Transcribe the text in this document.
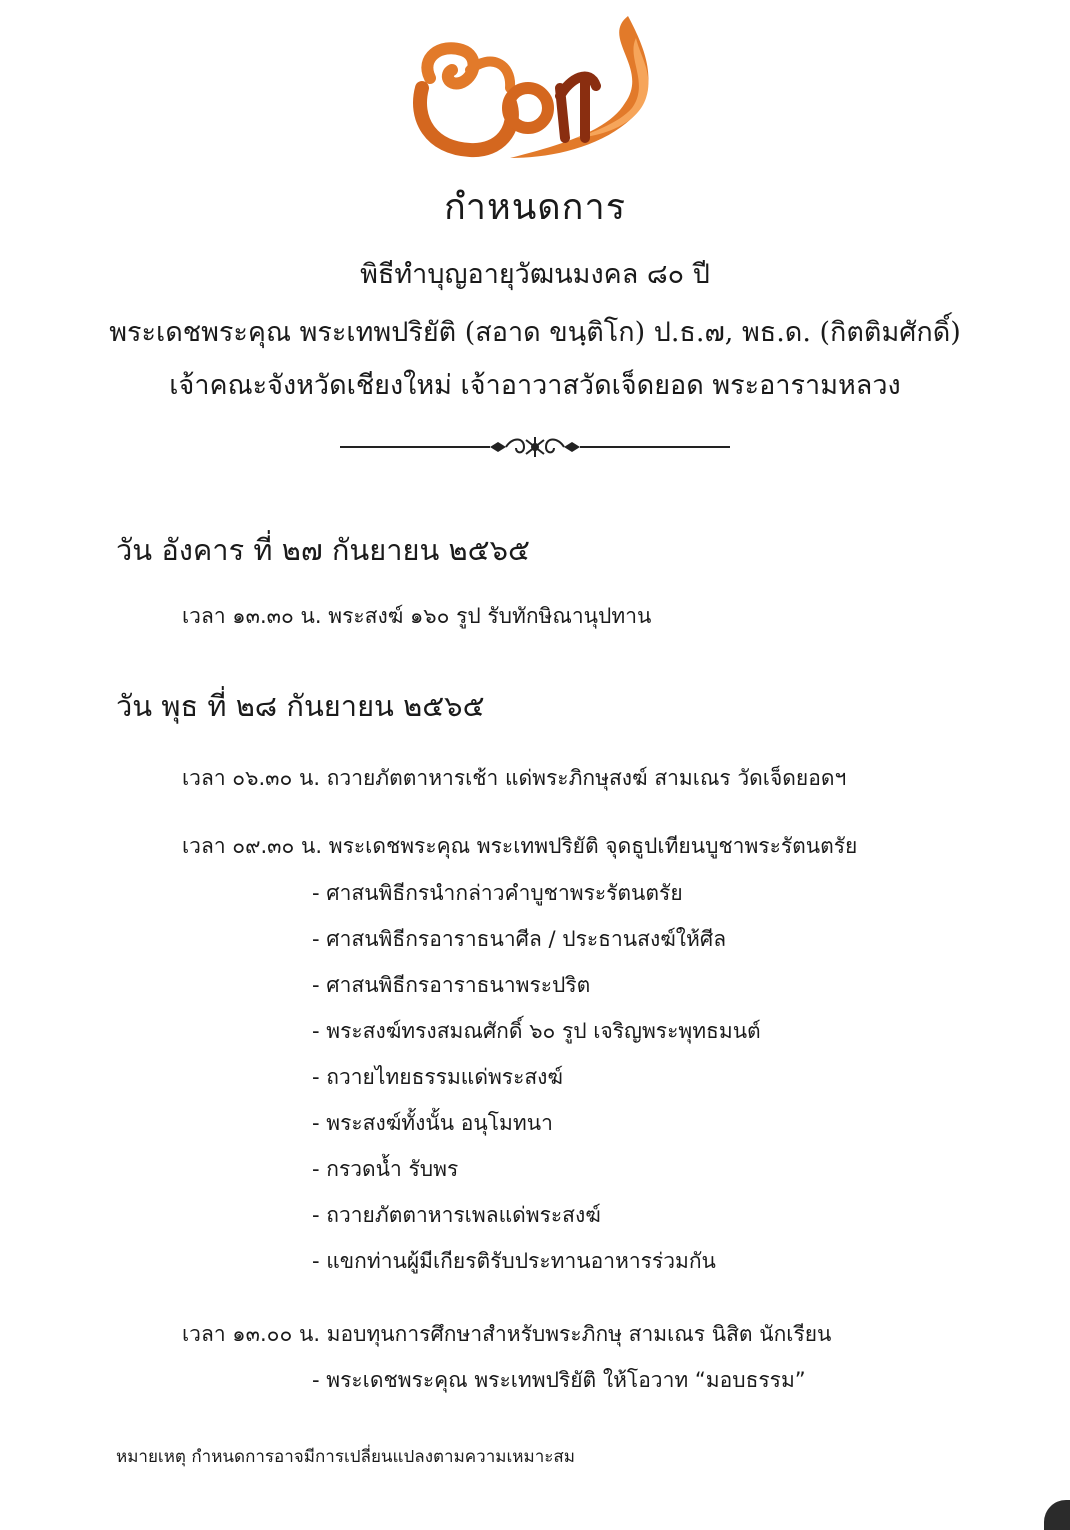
กำหนดการ
พิธีทำบุญอายุวัฒนมงคล ๘๐ ปี
พระเดชพระคุณ พระเทพปริยัติ (สอาด ขนฺติโก) ป.ธ.๗, พธ.ด. (กิตติมศักดิ์)
เจ้าคณะจังหวัดเชียงใหม่ เจ้าอาวาสวัดเจ็ดยอด พระอารามหลวง
วัน อังคาร ที่ ๒๗ กันยายน ๒๕๖๕
เวลา ๑๓.๓๐ น. พระสงฆ์ ๑๖๐ รูป รับทักษิณานุปทาน
วัน พุธ ที่ ๒๘ กันยายน ๒๕๖๕
เวลา ๐๖.๓๐ น. ถวายภัตตาหารเช้า แด่พระภิกษุสงฆ์ สามเณร วัดเจ็ดยอดฯ
เวลา ๐๙.๓๐ น. พระเดชพระคุณ พระเทพปริยัติ จุดธูปเทียนบูชาพระรัตนตรัย
- ศาสนพิธีกรนำกล่าวคำบูชาพระรัตนตรัย
- ศาสนพิธีกรอาราธนาศีล / ประธานสงฆ์ให้ศีล
- ศาสนพิธีกรอาราธนาพระปริต
- พระสงฆ์ทรงสมณศักดิ์ ๖๐ รูป เจริญพระพุทธมนต์
- ถวายไทยธรรมแด่พระสงฆ์
- พระสงฆ์ทั้งนั้น อนุโมทนา
- กรวดน้ำ รับพร
- ถวายภัตตาหารเพลแด่พระสงฆ์
- แขกท่านผู้มีเกียรติรับประทานอาหารร่วมกัน
เวลา ๑๓.๐๐ น. มอบทุนการศึกษาสำหรับพระภิกษุ สามเณร นิสิต นักเรียน
- พระเดชพระคุณ พระเทพปริยัติ ให้โอวาท “มอบธรรม”
หมายเหตุ กำหนดการอาจมีการเปลี่ยนแปลงตามความเหมาะสม
